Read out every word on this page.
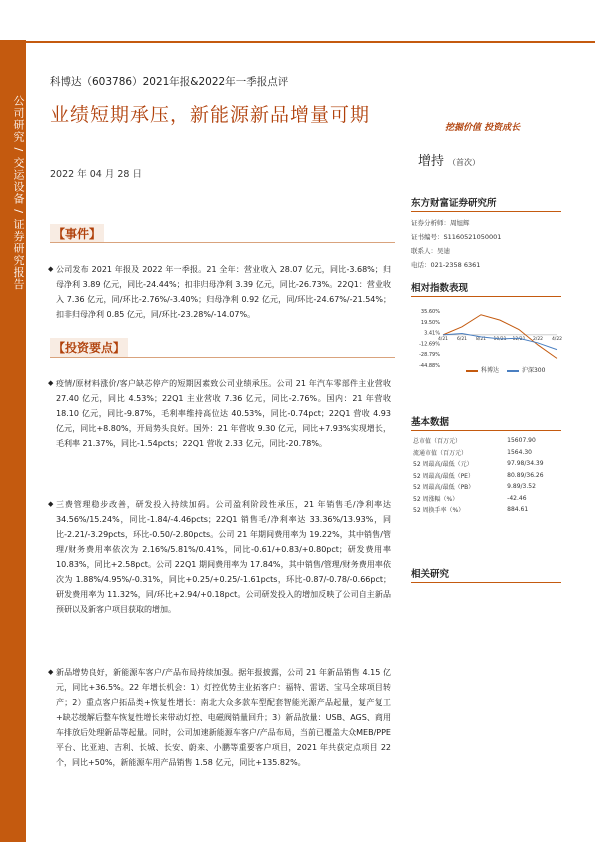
科博达（603786）2021年报&2022年一季报点评
公司研究 / 交运设备 / 证券研究报告 业绩短期承压，新能源新品增量可期
2022 年 04 月 28 日
挖掘价值 投资成长
增持 （首次）
东方财富证券研究所
证券分析师：周旭辉
证书编号：S1160521050001
联系人：吴迪
电话：021-2358 6361
相对指数表现
35.60%
19.50%
3.41%
-12.69%
-28.79%
-44.88%
4/21 6/21 8/21 10/21 12/21 2/22 4/22
科博达	沪深300
基本数据
总市值（百万元）	15607.90
流通市值（百万元）	1564.30
52 周最高/最低（元）	97.98/34.39
52 周最高/最低（PE）	80.89/36.26
52 周最高/最低（PB）	9.89/3.52
52 周涨幅（%）	-42.46
52 周换手率（%）	884.61
相关研究
【事件】
◆ 公司发布 2021 年报及 2022 年一季报。21 全年：营业收入 28.07 亿元，同比-3.68%；归母净利 3.89 亿元，同比-24.44%；扣非归母净利 3.39 亿元，同比-26.73%。22Q1：营业收入 7.36 亿元，同/环比-2.76%/-3.40%；归母净利 0.92 亿元，同/环比-24.67%/-21.54%；扣非归母净利 0.85 亿元，同/环比-23.28%/-14.07%。
【投资要点】
◆ 疫情/原材料涨价/客户缺芯停产的短期因素致公司业绩承压。公司 21 年汽车零部件主业营收 27.40 亿元，同比 4.53%；22Q1 主业营收 7.36 亿元，同比-2.76%。国内：21 年营收 18.10 亿元，同比-9.87%，毛利率维持高位达 40.53%，同比-0.74pct；22Q1 营收 4.93 亿元，同比+8.80%，开局势头良好。国外：21 年营收 9.30 亿元，同比+7.93%实现增长，毛利率 21.37%，同比-1.54pcts；22Q1 营收 2.33 亿元，同比-20.78%。
◆ 三费管理稳步改善，研发投入持续加码。公司盈利阶段性承压，21 年销售毛/净利率达 34.56%/15.24%，同比-1.84/-4.46pcts；22Q1 销售毛/净利率达 33.36%/13.93%，同比-2.21/-3.29pcts，环比-0.50/-2.80pcts。公司 21 年期间费用率为 19.22%，其中销售/管理/财务费用率依次为 2.16%/5.81%/0.41%，同比-0.61/+0.83/+0.80pct；研发费用率 10.83%，同比+2.58pct。公司 22Q1 期间费用率为 17.84%，其中销售/管理/财务费用率依次为 1.88%/4.95%/-0.31%，同比+0.25/+0.25/-1.61pcts，环比-0.87/-0.78/-0.66pct；研发费用率为 11.32%，同/环比+2.94/+0.18pct。公司研发投入的增加反映了公司自主新品预研以及新客户项目获取的增加。
◆ 新品增势良好，新能源车客户/产品布局持续加强。据年报披露，公司 21 年新品销售 4.15 亿元，同比+36.5%。22 年增长机会：1）灯控优势主业拓客户：福特、雷诺、宝马全球项目转产；2）重点客户拓品类+恢复性增长：南北大众多款车型配套智能光源产品起量，复产复工+缺芯缓解后整车恢复性增长来带动灯控、电磁阀销量回升；3）新品放量：USB、AGS、商用车排放后处理新品等起量。同时，公司加速新能源车客户/产品布局，当前已覆盖大众MEB/PPE平台、比亚迪、吉利、长城、长安、蔚来、小鹏等重要客户项目，2021 年共获定点项目 22 个，同比+50%，新能源车用产品销售 1.58 亿元，同比+135.82%。
